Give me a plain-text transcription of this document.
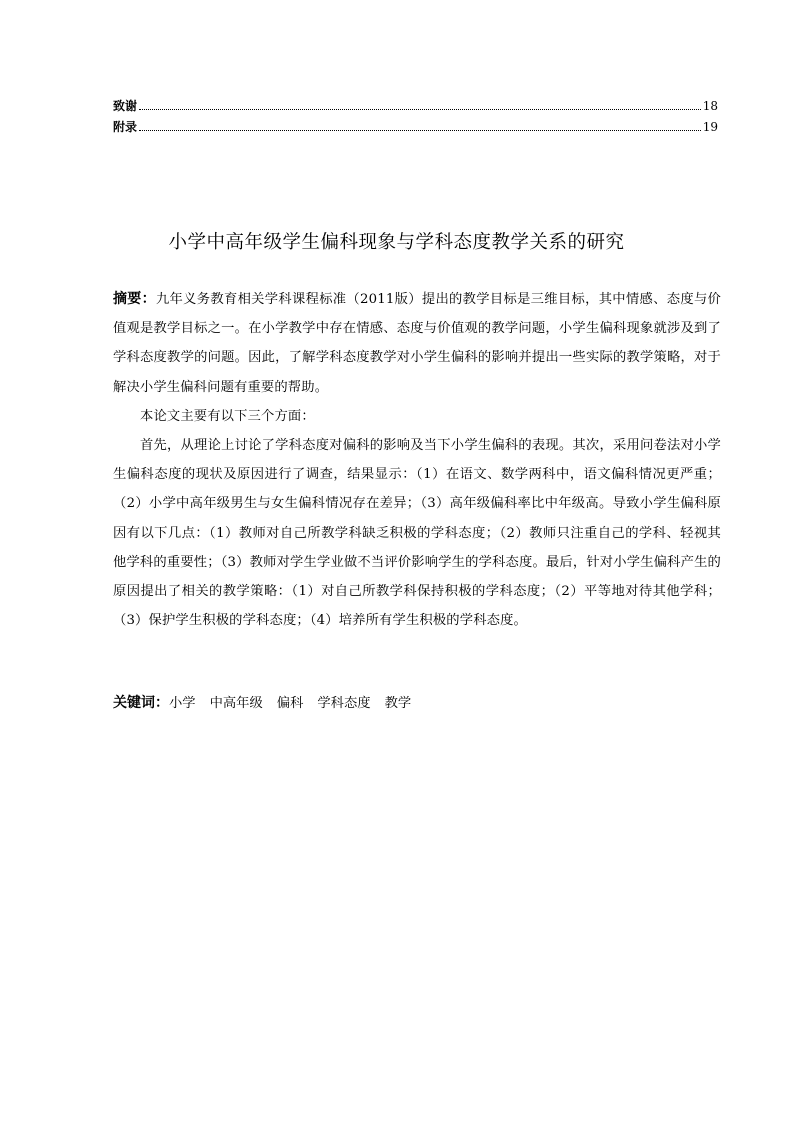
致谢	18
附录	19
小学中高年级学生偏科现象与学科态度教学关系的研究

摘要：九年义务教育相关学科课程标准（2011版）提出的教学目标是三维目标，其中情感、态度与价值观是教学目标之一。在小学教学中存在情感、态度与价值观的教学问题，小学生偏科现象就涉及到了学科态度教学的问题。因此，了解学科态度教学对小学生偏科的影响并提出一些实际的教学策略，对于解决小学生偏科问题有重要的帮助。

本论文主要有以下三个方面：

首先，从理论上讨论了学科态度对偏科的影响及当下小学生偏科的表现。其次，采用问卷法对小学生偏科态度的现状及原因进行了调查，结果显示：（1）在语文、数学两科中，语文偏科情况更严重；（2）小学中高年级男生与女生偏科情况存在差异；（3）高年级偏科率比中年级高。导致小学生偏科原因有以下几点：（1）教师对自己所教学科缺乏积极的学科态度；（2）教师只注重自己的学科、轻视其他学科的重要性；（3）教师对学生学业做不当评价影响学生的学科态度。最后，针对小学生偏科产生的原因提出了相关的教学策略：（1）对自己所教学科保持积极的学科态度；（2）平等地对待其他学科；（3）保护学生积极的学科态度；（4）培养所有学生积极的学科态度。

关键词：小学 中高年级 偏科 学科态度 教学
